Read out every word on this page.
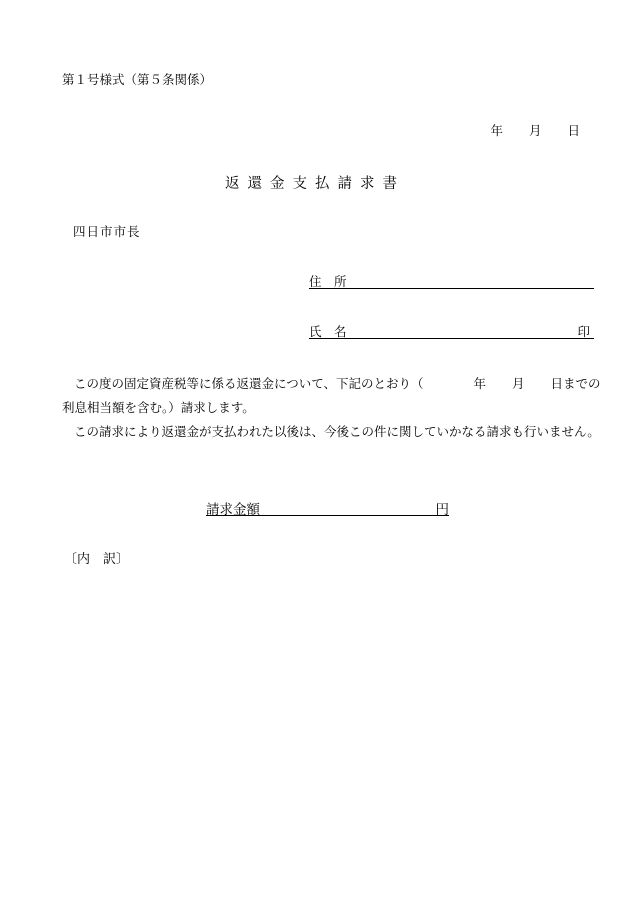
第１号様式（第５条関係）
年 月 日
返還金支払請求書
四日市市長
住　所
氏　名	印

この度の固定資産税等に係る返還金について、下記のとおり（	年 月 日までの

利息相当額を含む。）請求します。

この請求により返還金が支払われた以後は、今後この件に関していかなる請求も行いません。

請求金額	円
〔内　訳〕
